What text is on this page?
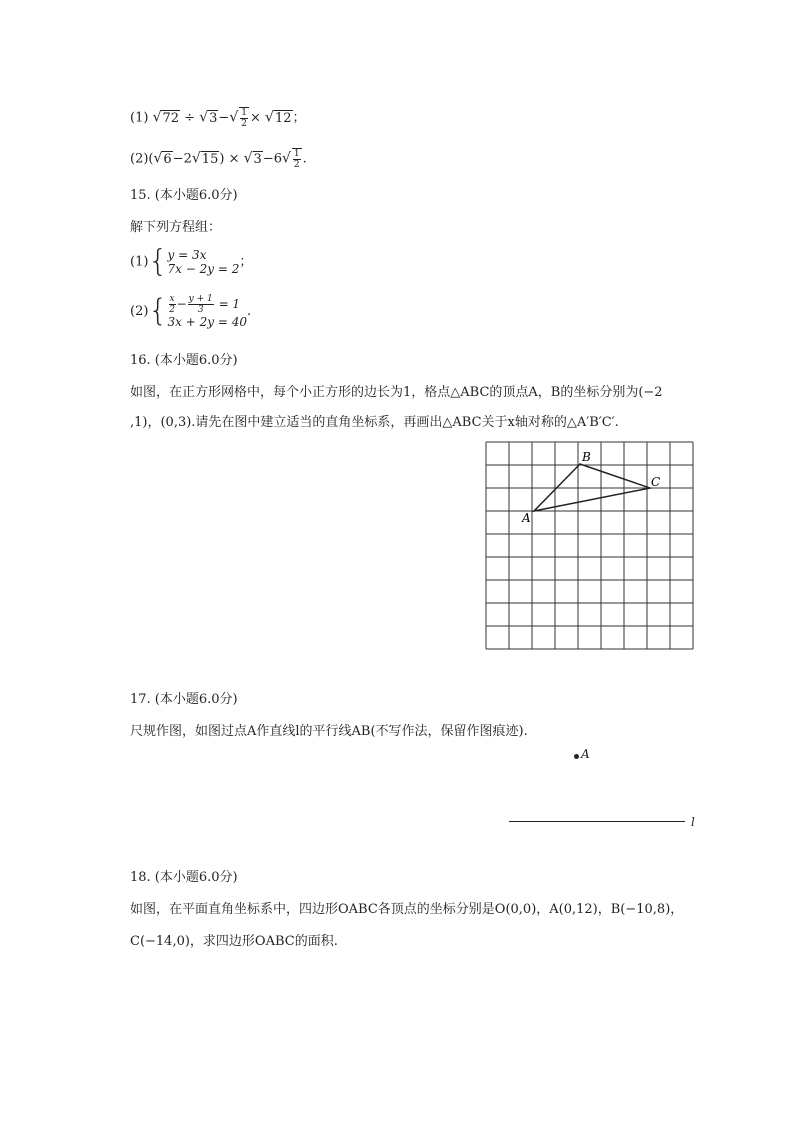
(1) $√72 \div √3-√ \frac{1}{2} \times √12$；
$(2)(√6-2√15) \times √3-6√ \frac{1}{2}$ .
15. (本小题6.0分)
解下列方程组：
(1){ y = 3x
7x − 2y = 2 ；
$(2)\{ \frac{x}{2} - \frac{y + 1}{3} = 1$
3x + 2y = 40
.
16. (本小题6.0分)
如图，在正方形网格中，每个小正方形的边长为1，格点△ABC的顶点A，B的坐标分别为(−2
,1)，(0,3).请先在图中建立适当的直角坐标系，再画出△ABC关于x轴对称的△A′B′C′.
A
B
C
17. (本小题6.0分)
尺规作图，如图过点A作直线l的平行线AB(不写作法，保留作图痕迹).
A
l
18. (本小题6.0分)
如图，在平面直角坐标系中，四边形OABC各顶点的坐标分别是O(0,0)，A(0,12)，B(−10,8)，
C(−14,0)，求四边形OABC的面积.
